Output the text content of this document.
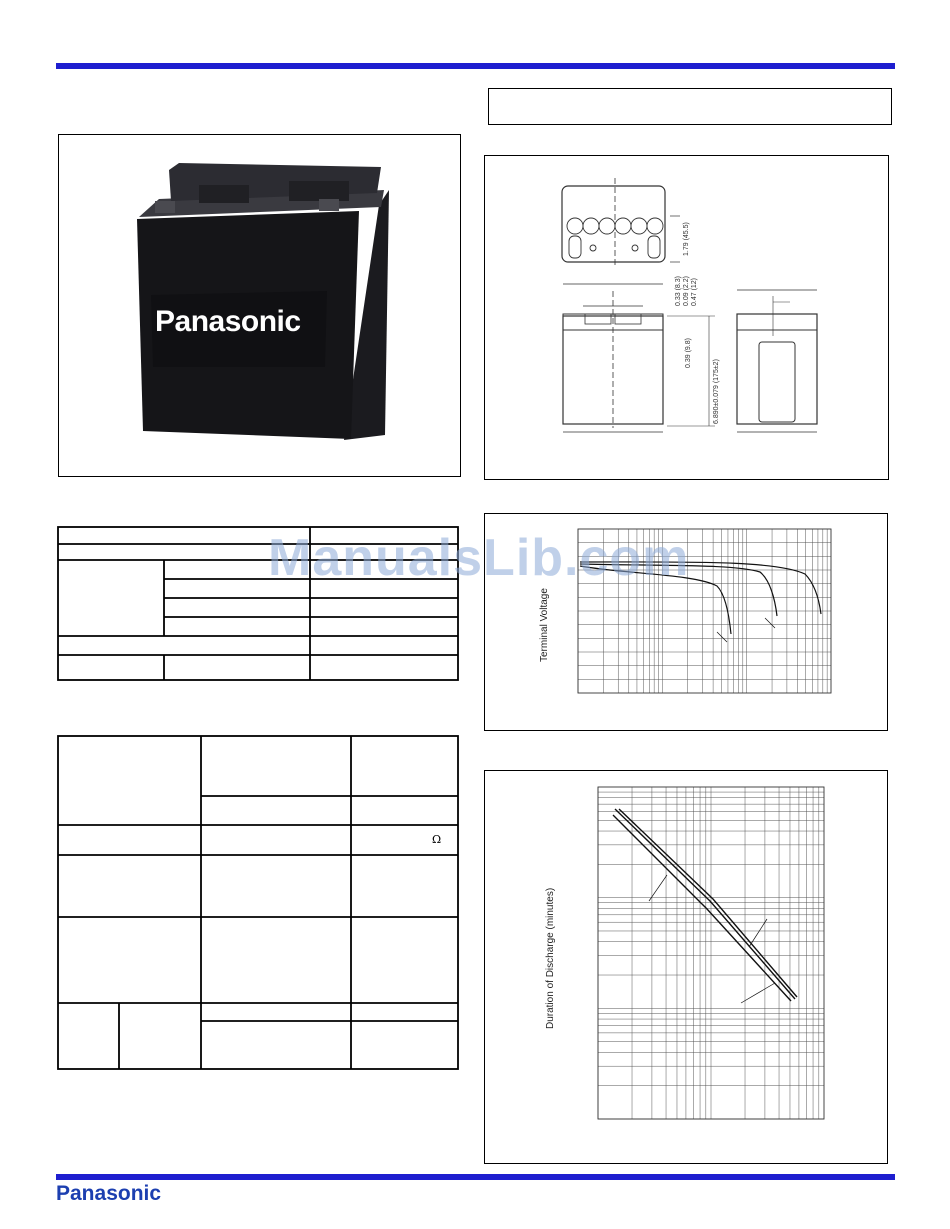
Panasonic
1.79 (45.5)
0.33 (8.3) 0.09 (2.2) 0.47 (12)
0.39 (9.8)
6.890±0.079 (175±2)
Ω
Terminal Voltage
Duration of Discharge (minutes)
ManualsLib.com
Panasonic
